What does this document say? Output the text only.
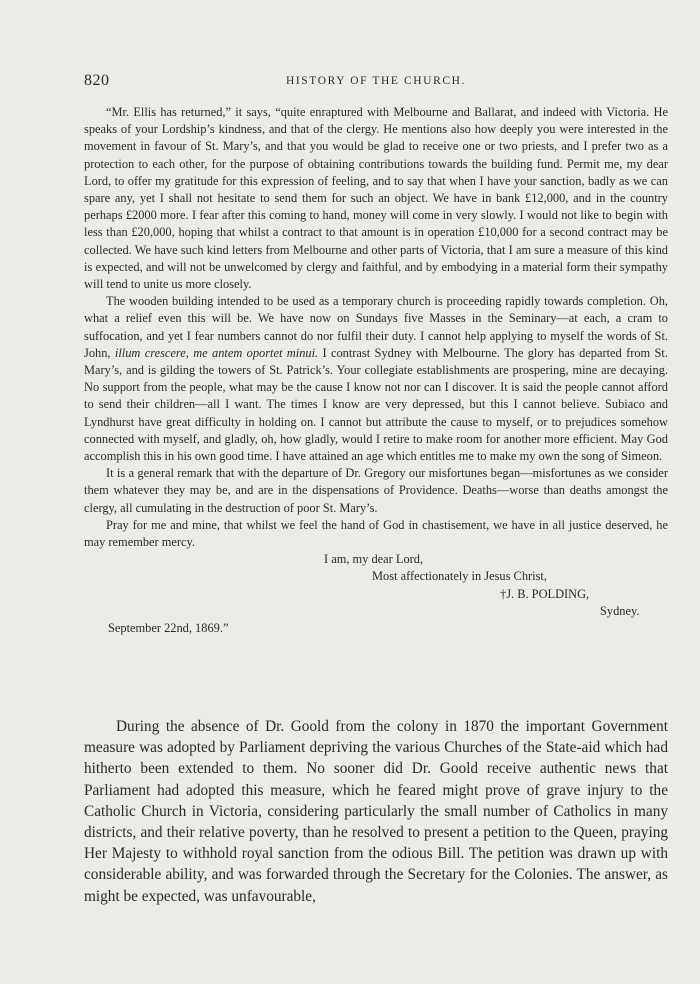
820	HISTORY OF THE CHURCH.

“Mr. Ellis has returned,” it says, “quite enraptured with Melbourne and Ballarat, and indeed with Victoria. He speaks of your Lordship’s kindness, and that of the clergy. He mentions also how deeply you were interested in the movement in favour of St. Mary’s, and that you would be glad to receive one or two priests, and I prefer two as a protection to each other, for the purpose of obtaining contributions towards the building fund. Permit me, my dear Lord, to offer my gratitude for this expression of feeling, and to say that when I have your sanction, badly as we can spare any, yet I shall not hesitate to send them for such an object. We have in bank £12,000, and in the country perhaps £2000 more. I fear after this coming to hand, money will come in very slowly. I would not like to begin with less than £20,000, hoping that whilst a contract to that amount is in operation £10,000 for a second contract may be collected. We have such kind letters from Melbourne and other parts of Victoria, that I am sure a measure of this kind is expected, and will not be unwelcomed by clergy and faithful, and by embodying in a material form their sympathy will tend to unite us more closely.

The wooden building intended to be used as a temporary church is proceeding rapidly towards completion. Oh, what a relief even this will be. We have now on Sundays five Masses in the Seminary—at each, a cram to suffocation, and yet I fear numbers cannot do nor fulfil their duty. I cannot help applying to myself the words of St. John, illum crescere, me antem oportet minui. I contrast Sydney with Melbourne. The glory has departed from St. Mary’s, and is gilding the towers of St. Patrick’s. Your collegiate establishments are prospering, mine are decaying. No support from the people, what may be the cause I know not nor can I discover. It is said the people cannot afford to send their children—all I want. The times I know are very depressed, but this I cannot believe. Subiaco and Lyndhurst have great difficulty in holding on. I cannot but attribute the cause to myself, or to prejudices somehow connected with myself, and gladly, oh, how gladly, would I retire to make room for another more efficient. May God accomplish this in his own good time. I have attained an age which entitles me to make my own the song of Simeon.

It is a general remark that with the departure of Dr. Gregory our misfortunes began—misfortunes as we consider them whatever they may be, and are in the dispensations of Providence. Deaths—worse than deaths amongst the clergy, all cumulating in the destruction of poor St. Mary’s.

Pray for me and mine, that whilst we feel the hand of God in chastisement, we have in all justice deserved, he may remember mercy.

I am, my dear Lord,
Most affectionately in Jesus Christ,
†J. B. POLDING,
Sydney.
September 22nd, 1869.”

During the absence of Dr. Goold from the colony in 1870 the important Government measure was adopted by Parliament depriving the various Churches of the State-aid which had hitherto been extended to them. No sooner did Dr. Goold receive authentic news that Parliament had adopted this measure, which he feared might prove of grave injury to the Catholic Church in Victoria, considering particularly the small number of Catholics in many districts, and their relative poverty, than he resolved to present a petition to the Queen, praying Her Majesty to withhold royal sanction from the odious Bill. The petition was drawn up with considerable ability, and was forwarded through the Secretary for the Colonies. The answer, as might be expected, was unfavourable,
